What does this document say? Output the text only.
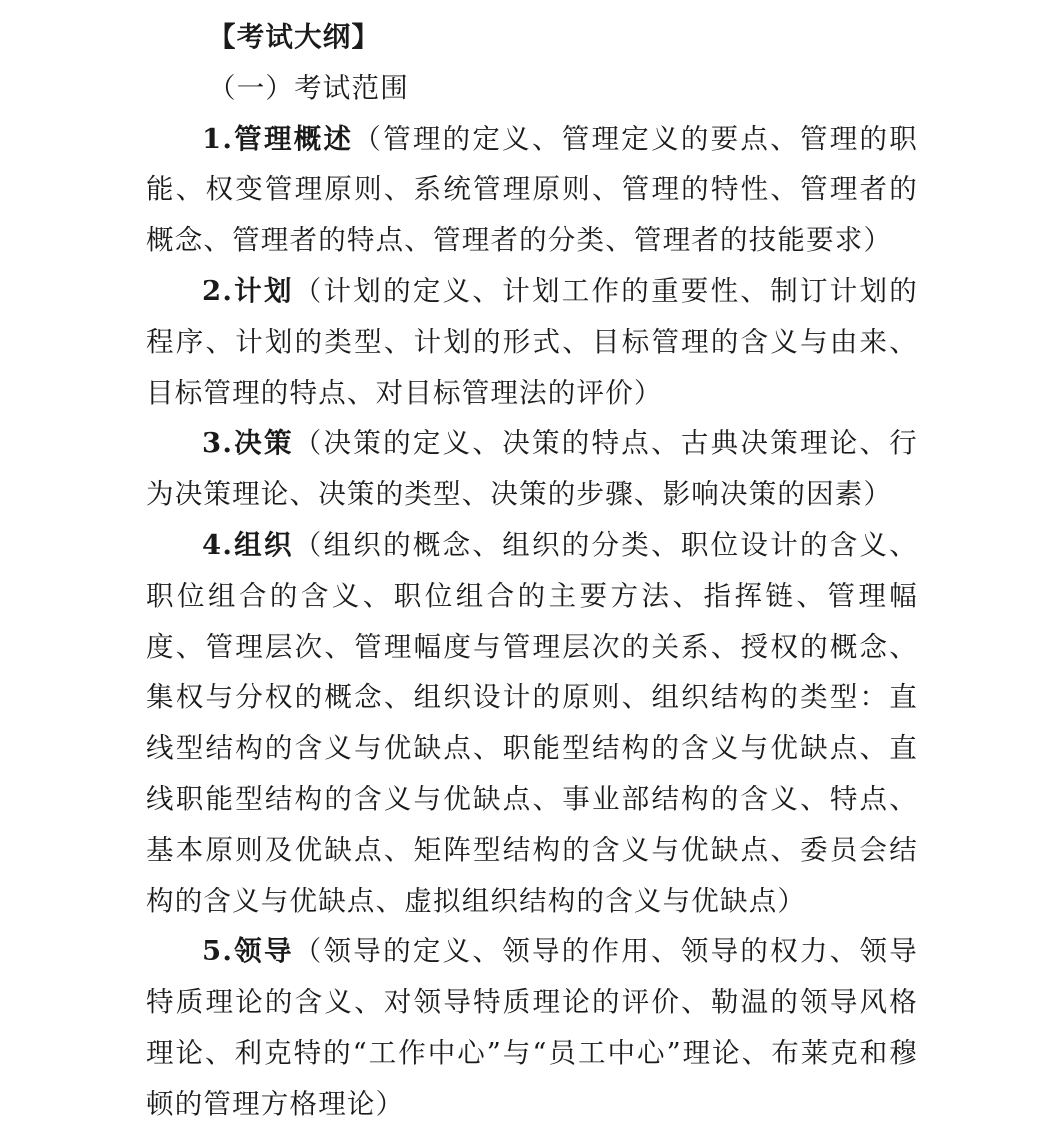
【考试大纲】

（一）考试范围

1.管理概述（管理的定义、管理定义的要点、管理的职能、权变管理原则、系统管理原则、管理的特性、管理者的概念、管理者的特点、管理者的分类、管理者的技能要求）

2.计划（计划的定义、计划工作的重要性、制订计划的程序、计划的类型、计划的形式、目标管理的含义与由来、目标管理的特点、对目标管理法的评价）

3.决策（决策的定义、决策的特点、古典决策理论、行为决策理论、决策的类型、决策的步骤、影响决策的因素）

4.组织（组织的概念、组织的分类、职位设计的含义、职位组合的含义、职位组合的主要方法、指挥链、管理幅度、管理层次、管理幅度与管理层次的关系、授权的概念、集权与分权的概念、组织设计的原则、组织结构的类型：直线型结构的含义与优缺点、职能型结构的含义与优缺点、直线职能型结构的含义与优缺点、事业部结构的含义、特点、基本原则及优缺点、矩阵型结构的含义与优缺点、委员会结构的含义与优缺点、虚拟组织结构的含义与优缺点）

5.领导（领导的定义、领导的作用、领导的权力、领导特质理论的含义、对领导特质理论的评价、勒温的领导风格理论、利克特的“工作中心”与“员工中心”理论、布莱克和穆顿的管理方格理论）
